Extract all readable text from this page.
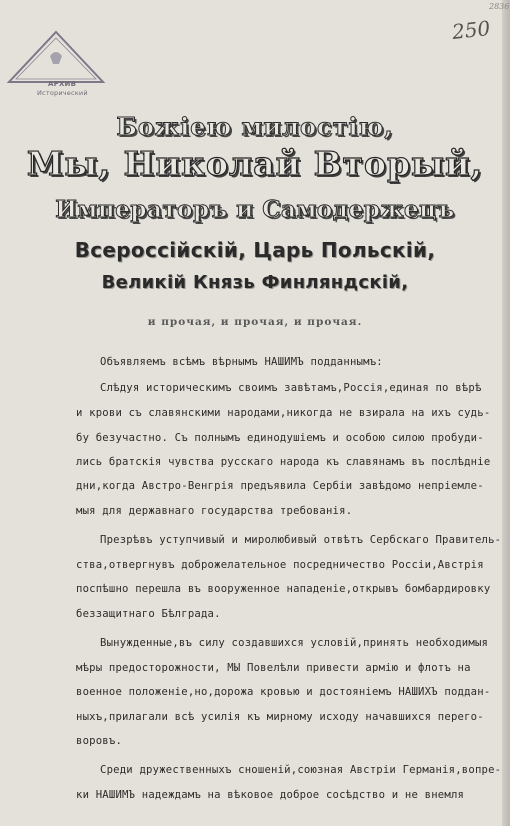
АРХИВ
Исторический
250
2836
Божiею милостiю,
Мы, Николай Вторый,
Императоръ и Самодержецъ
Всероссiйскiй, Царь Польскiй,
Великiй Князь Финляндскiй,
и прочая, и прочая, и прочая.
Объявляемъ всѣмъ вѣрнымъ НАШИМЪ подданнымъ:
Слѣдуя историческимъ своимъ завѣтамъ,Россiя,единая по вѣрѣ
и крови съ славянскими народами,никогда не взирала на ихъ судь-
бу безучастно. Съ полнымъ единодушiемъ и особою силою пробуди-
лись братскiя чувства русскаго народа къ славянамъ въ послѣднiе
дни,когда Австро-Венгрiя предъявила Сербiи завѣдомо непрiемле-
мыя для державнаго государства требованiя.
Презрѣвъ уступчивый и миролюбивый отвѣтъ Сербскаго Правитель-
ства,отвергнувъ доброжелательное посредничество Россiи,Австрiя
поспѣшно перешла въ вооруженное нападенiе,открывъ бомбардировку
беззащитнаго Бѣлграда.
Вынужденные,въ силу создавшихся условiй,принять необходимыя
мѣры предосторожности, МЫ Повелѣли привести армiю и флотъ на
военное положенiе,но,дорожа кровью и достоянiемъ НАШИХЪ поддан-
ныхъ,прилагали всѣ усилiя къ мирному исходу начавшихся перего-
воровъ.
Среди дружественныхъ сношенiй,союзная Австрiи Германiя,вопре-
ки НАШИМЪ надеждамъ на вѣковое доброе сосѣдство и не внемля
